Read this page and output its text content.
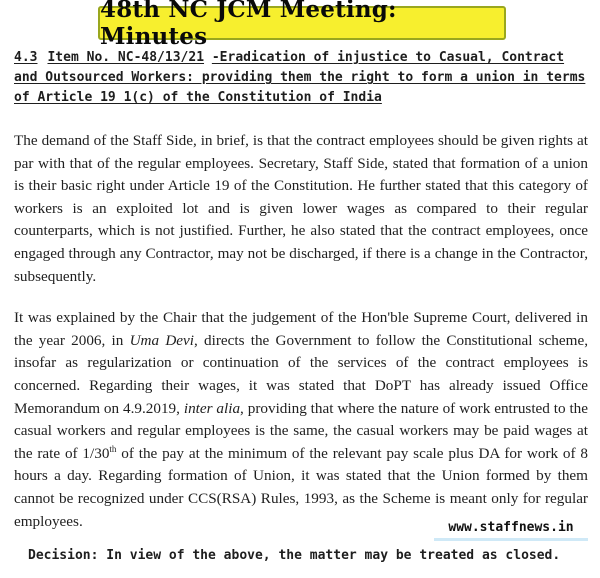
48th NC JCM Meeting: Minutes

4.3 Item No. NC-48/13/21 -Eradication of injustice to Casual, Contract
and Outsourced Workers: providing them the right to form a union in terms
of Article 19 1(c) of the Constitution of India

The demand of the Staff Side, in brief, is that the contract employees should be given rights at par with that of the regular employees. Secretary, Staff Side, stated that formation of a union is their basic right under Article 19 of the Constitution. He further stated that this category of workers is an exploited lot and is given lower wages as compared to their regular counterparts, which is not justified. Further, he also stated that the contract employees, once engaged through any Contractor, may not be discharged, if there is a change in the Contractor, subsequently.

It was explained by the Chair that the judgement of the Hon'ble Supreme Court, delivered in the year 2006, in Uma Devi, directs the Government to follow the Constitutional scheme, insofar as regularization or continuation of the services of the contract employees is concerned. Regarding their wages, it was stated that DoPT has already issued Office Memorandum on 4.9.2019, inter alia, providing that where the nature of work entrusted to the casual workers and regular employees is the same, the casual workers may be paid wages at the rate of 1/30th of the pay at the minimum of the relevant pay scale plus DA for work of 8 hours a day. Regarding formation of Union, it was stated that the Union formed by them cannot be recognized under CCS(RSA) Rules, 1993, as the Scheme is meant only for regular employees.	www.staffnews.in
Decision: In view of the above, the matter may be treated as closed.
